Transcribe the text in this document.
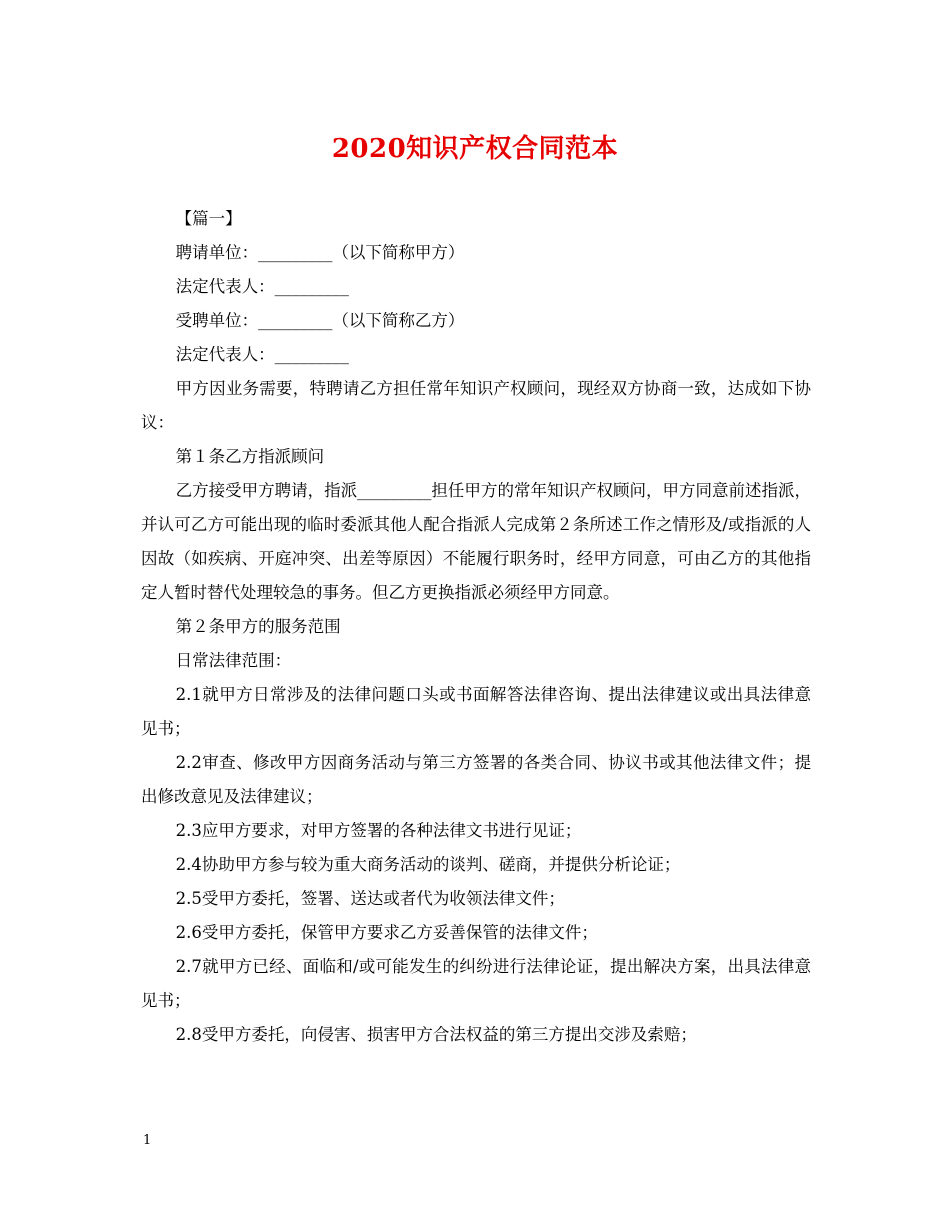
2020知识产权合同范本

【篇一】

聘请单位：_________（以下简称甲方）

法定代表人：_________

受聘单位：_________（以下简称乙方）

法定代表人：_________

甲方因业务需要，特聘请乙方担任常年知识产权顾问，现经双方协商一致，达成如下协议：

第１条乙方指派顾问

乙方接受甲方聘请，指派_________担任甲方的常年知识产权顾问，甲方同意前述指派，并认可乙方可能出现的临时委派其他人配合指派人完成第２条所述工作之情形及/或指派的人因故（如疾病、开庭冲突、出差等原因）不能履行职务时，经甲方同意，可由乙方的其他指定人暂时替代处理较急的事务。但乙方更换指派必须经甲方同意。

第２条甲方的服务范围

日常法律范围：

2.1就甲方日常涉及的法律问题口头或书面解答法律咨询、提出法律建议或出具法律意见书；

2.2审查、修改甲方因商务活动与第三方签署的各类合同、协议书或其他法律文件；提出修改意见及法律建议；

2.3应甲方要求，对甲方签署的各种法律文书进行见证；

2.4协助甲方参与较为重大商务活动的谈判、磋商，并提供分析论证；

2.5受甲方委托，签署、送达或者代为收领法律文件；

2.6受甲方委托，保管甲方要求乙方妥善保管的法律文件；

2.7就甲方已经、面临和/或可能发生的纠纷进行法律论证，提出解决方案，出具法律意见书；

2.8受甲方委托，向侵害、损害甲方合法权益的第三方提出交涉及索赔；

1
